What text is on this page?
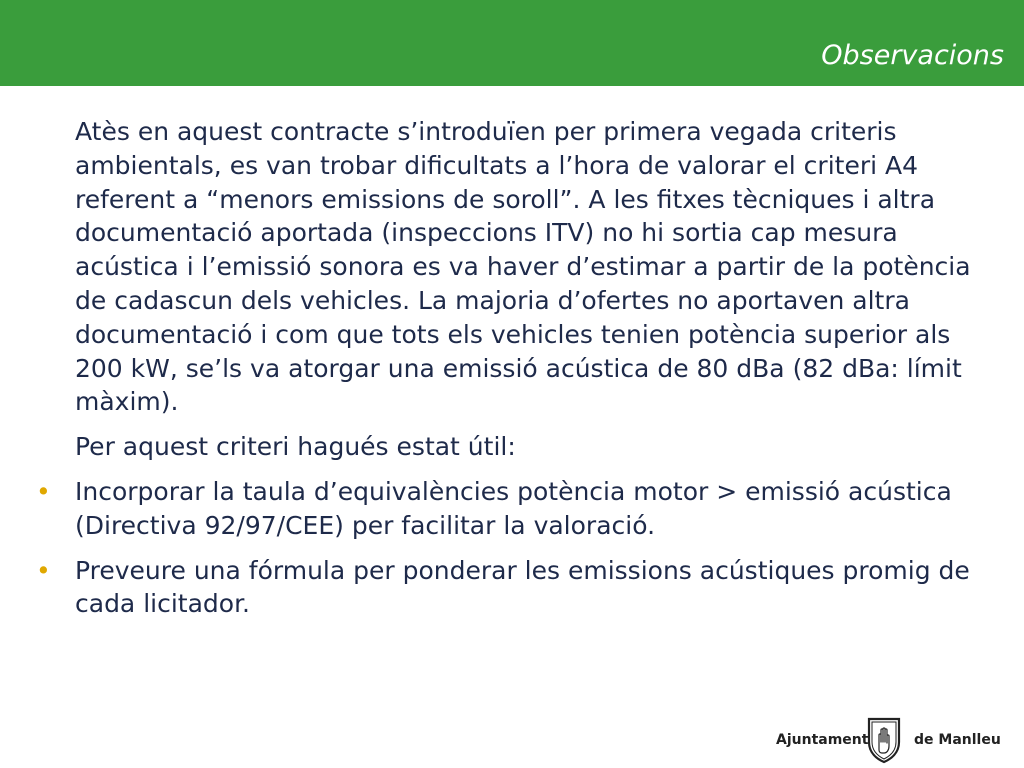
Observacions

Atès en aquest contracte s’introduïen per primera vegada criteris ambientals, es van trobar dificultats a l’hora de valorar el criteri A4 referent a “menors emissions de soroll”. A les fitxes tècniques i altra documentació aportada (inspeccions ITV) no hi sortia cap mesura acústica i l’emissió sonora es va haver d’estimar a partir de la potència de cadascun dels vehicles. La majoria d’ofertes no aportaven altra documentació i com que tots els vehicles tenien potència superior als 200 kW, se’ls va atorgar una emissió acústica de 80 dBa (82 dBa: límit màxim).

Per aquest criteri hagués estat útil:

• Incorporar la taula d’equivalències potència motor > emissió acústica (Directiva 92/97/CEE) per facilitar la valoració.
• Preveure una fórmula per ponderar les emissions acústiques promig de cada licitador.
Ajuntament	de Manlleu
